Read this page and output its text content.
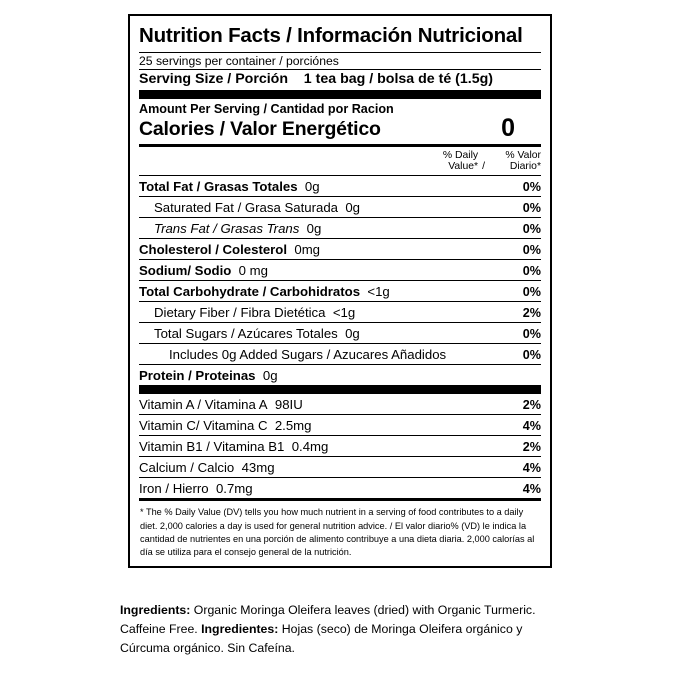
Nutrition Facts / Información Nutricional
25 servings per container / porciónes
Serving Size / Porción 1 tea bag / bolsa de té (1.5g)
Amount Per Serving / Cantidad por Racion
Calories / Valor Energético	0
% Daily
Value* /
% Valor
Diario*
Total Fat / Grasas Totales  0g	0%
Saturated Fat / Grasa Saturada  0g	0%
Trans Fat / Grasas Trans  0g	0%
Cholesterol / Colesterol  0mg	0%
Sodium/ Sodio  0 mg	0%
Total Carbohydrate / Carbohidratos  <1g	0%
Dietary Fiber / Fibra Dietética  <1g	2%
Total Sugars / Azúcares Totales  0g	0%
Includes 0g Added Sugars / Azucares Añadidos	0%
Protein / Proteinas  0g	
Vitamin A / Vitamina A  98IU	2%
Vitamin C/ Vitamina C  2.5mg	4%
Vitamin B1 / Vitamina B1  0.4mg	2%
Calcium / Calcio  43mg	4%
Iron / Hierro  0.7mg	4%
* The % Daily Value (DV) tells you how much nutrient in a serving of food contributes to a daily diet. 2,000 calories a day is used for general nutrition advice. / El valor diario% (VD) le indica la cantidad de nutrientes en una porción de alimento contribuye a una dieta diaria. 2,000 calorías al día se utiliza para el consejo general de la nutrición.
Ingredients: Organic Moringa Oleifera leaves (dried) with Organic Turmeric. Caffeine Free. Ingredientes: Hojas (seco) de Moringa Oleifera orgánico y Cúrcuma orgánico. Sin Cafeína.
